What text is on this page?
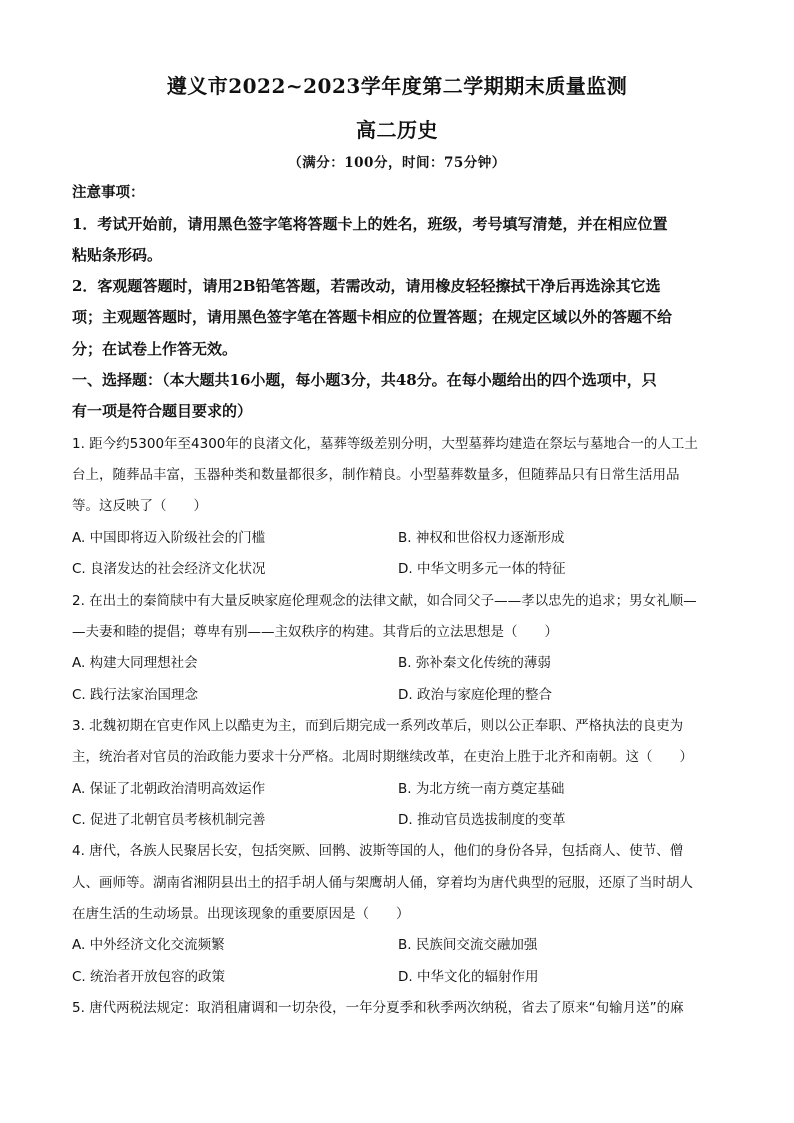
遵义市2022~2023学年度第二学期期末质量监测
高二历史
（满分：100分，时间：75分钟）
注意事项：
1．考试开始前，请用黑色签字笔将答题卡上的姓名，班级，考号填写清楚，并在相应位置
粘贴条形码。
2．客观题答题时，请用2B铅笔答题，若需改动，请用橡皮轻轻擦拭干净后再选涂其它选
项；主观题答题时，请用黑色签字笔在答题卡相应的位置答题；在规定区域以外的答题不给
分；在试卷上作答无效。
一、选择题：（本大题共16小题，每小题3分，共48分。在每小题给出的四个选项中，只
有一项是符合题目要求的）
1. 距今约5300年至4300年的良渚文化，墓葬等级差别分明，大型墓葬均建造在祭坛与墓地合一的人工土
台上，随葬品丰富，玉器种类和数量都很多，制作精良。小型墓葬数量多，但随葬品只有日常生活用品
等。这反映了（　　）
A. 中国即将迈入阶级社会的门槛	B. 神权和世俗权力逐渐形成
C. 良渚发达的社会经济文化状况	D. 中华文明多元一体的特征
2. 在出土的秦简牍中有大量反映家庭伦理观念的法律文献，如合同父子——孝以忠先的追求；男女礼顺—
—夫妻和睦的提倡；尊卑有别——主奴秩序的构建。其背后的立法思想是（　　）
A. 构建大同理想社会	B. 弥补秦文化传统的薄弱
C. 践行法家治国理念	D. 政治与家庭伦理的整合
3. 北魏初期在官吏作风上以酷吏为主，而到后期完成一系列改革后，则以公正奉职、严格执法的良吏为
主，统治者对官员的治政能力要求十分严格。北周时期继续改革，在吏治上胜于北齐和南朝。这（　　）
A. 保证了北朝政治清明高效运作	B. 为北方统一南方奠定基础
C. 促进了北朝官员考核机制完善	D. 推动官员选拔制度的变革
4. 唐代，各族人民聚居长安，包括突厥、回鹘、波斯等国的人，他们的身份各异，包括商人、使节、僧
人、画师等。湖南省湘阴县出土的招手胡人俑与架鹰胡人俑，穿着均为唐代典型的冠服，还原了当时胡人
在唐生活的生动场景。出现该现象的重要原因是（　　）
A. 中外经济文化交流频繁	B. 民族间交流交融加强
C. 统治者开放包容的政策	D. 中华文化的辐射作用
5. 唐代两税法规定：取消租庸调和一切杂役，一年分夏季和秋季两次纳税，省去了原来“旬输月送”的麻
